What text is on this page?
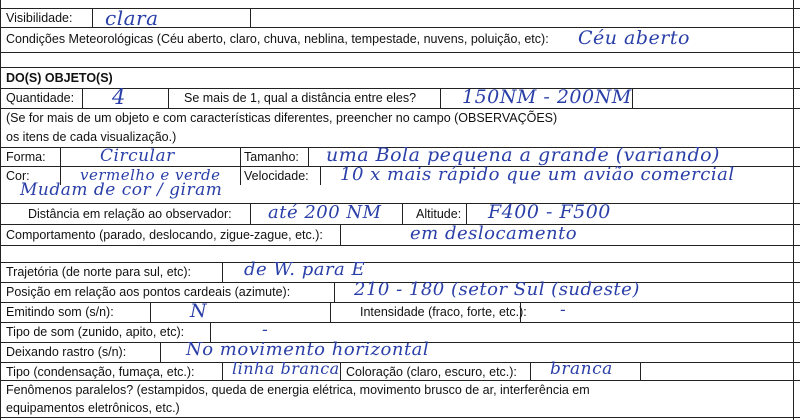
Visibilidade: clara
Condições Meteorológicas (Céu aberto, claro, chuva, neblina, tempestade, nuvens, poluição, etc): Céu aberto
DO(S) OBJETO(S)
Quantidade: 4	Se mais de 1, qual a distância entre eles? 150NM - 200NM
(Se for mais de um objeto e com características diferentes, preencher no campo (OBSERVAÇÕES)
os itens de cada visualização.)
Forma:	Circular	Tamanho: uma Bola pequena a grande (variando)
Cor:	vermelho e verde Velocidade: 10 x mais rápido que um avião comercial
Mudam de cor / giram
Distância em relação ao observador: até 200 NM	Altitude: F400 - F500
Comportamento (parado, deslocando, zigue-zague, etc.):	em deslocamento
Trajetória (de norte para sul, etc):	de W. para E
Posição em relação aos pontos cardeais (azimute):	210 - 180 (setor Sul (sudeste)
Emitindo som (s/n):	N	Intensidade (fraco, forte, etc.): -
Tipo de som (zunido, apito, etc):	-
Deixando rastro (s/n):	No movimento horizontal
Tipo (condensação, fumaça, etc.): linha branca Coloração (claro, escuro, etc.): branca
Fenômenos paralelos? (estampidos, queda de energia elétrica, movimento brusco de ar, interferência em
equipamentos eletrônicos, etc.)
